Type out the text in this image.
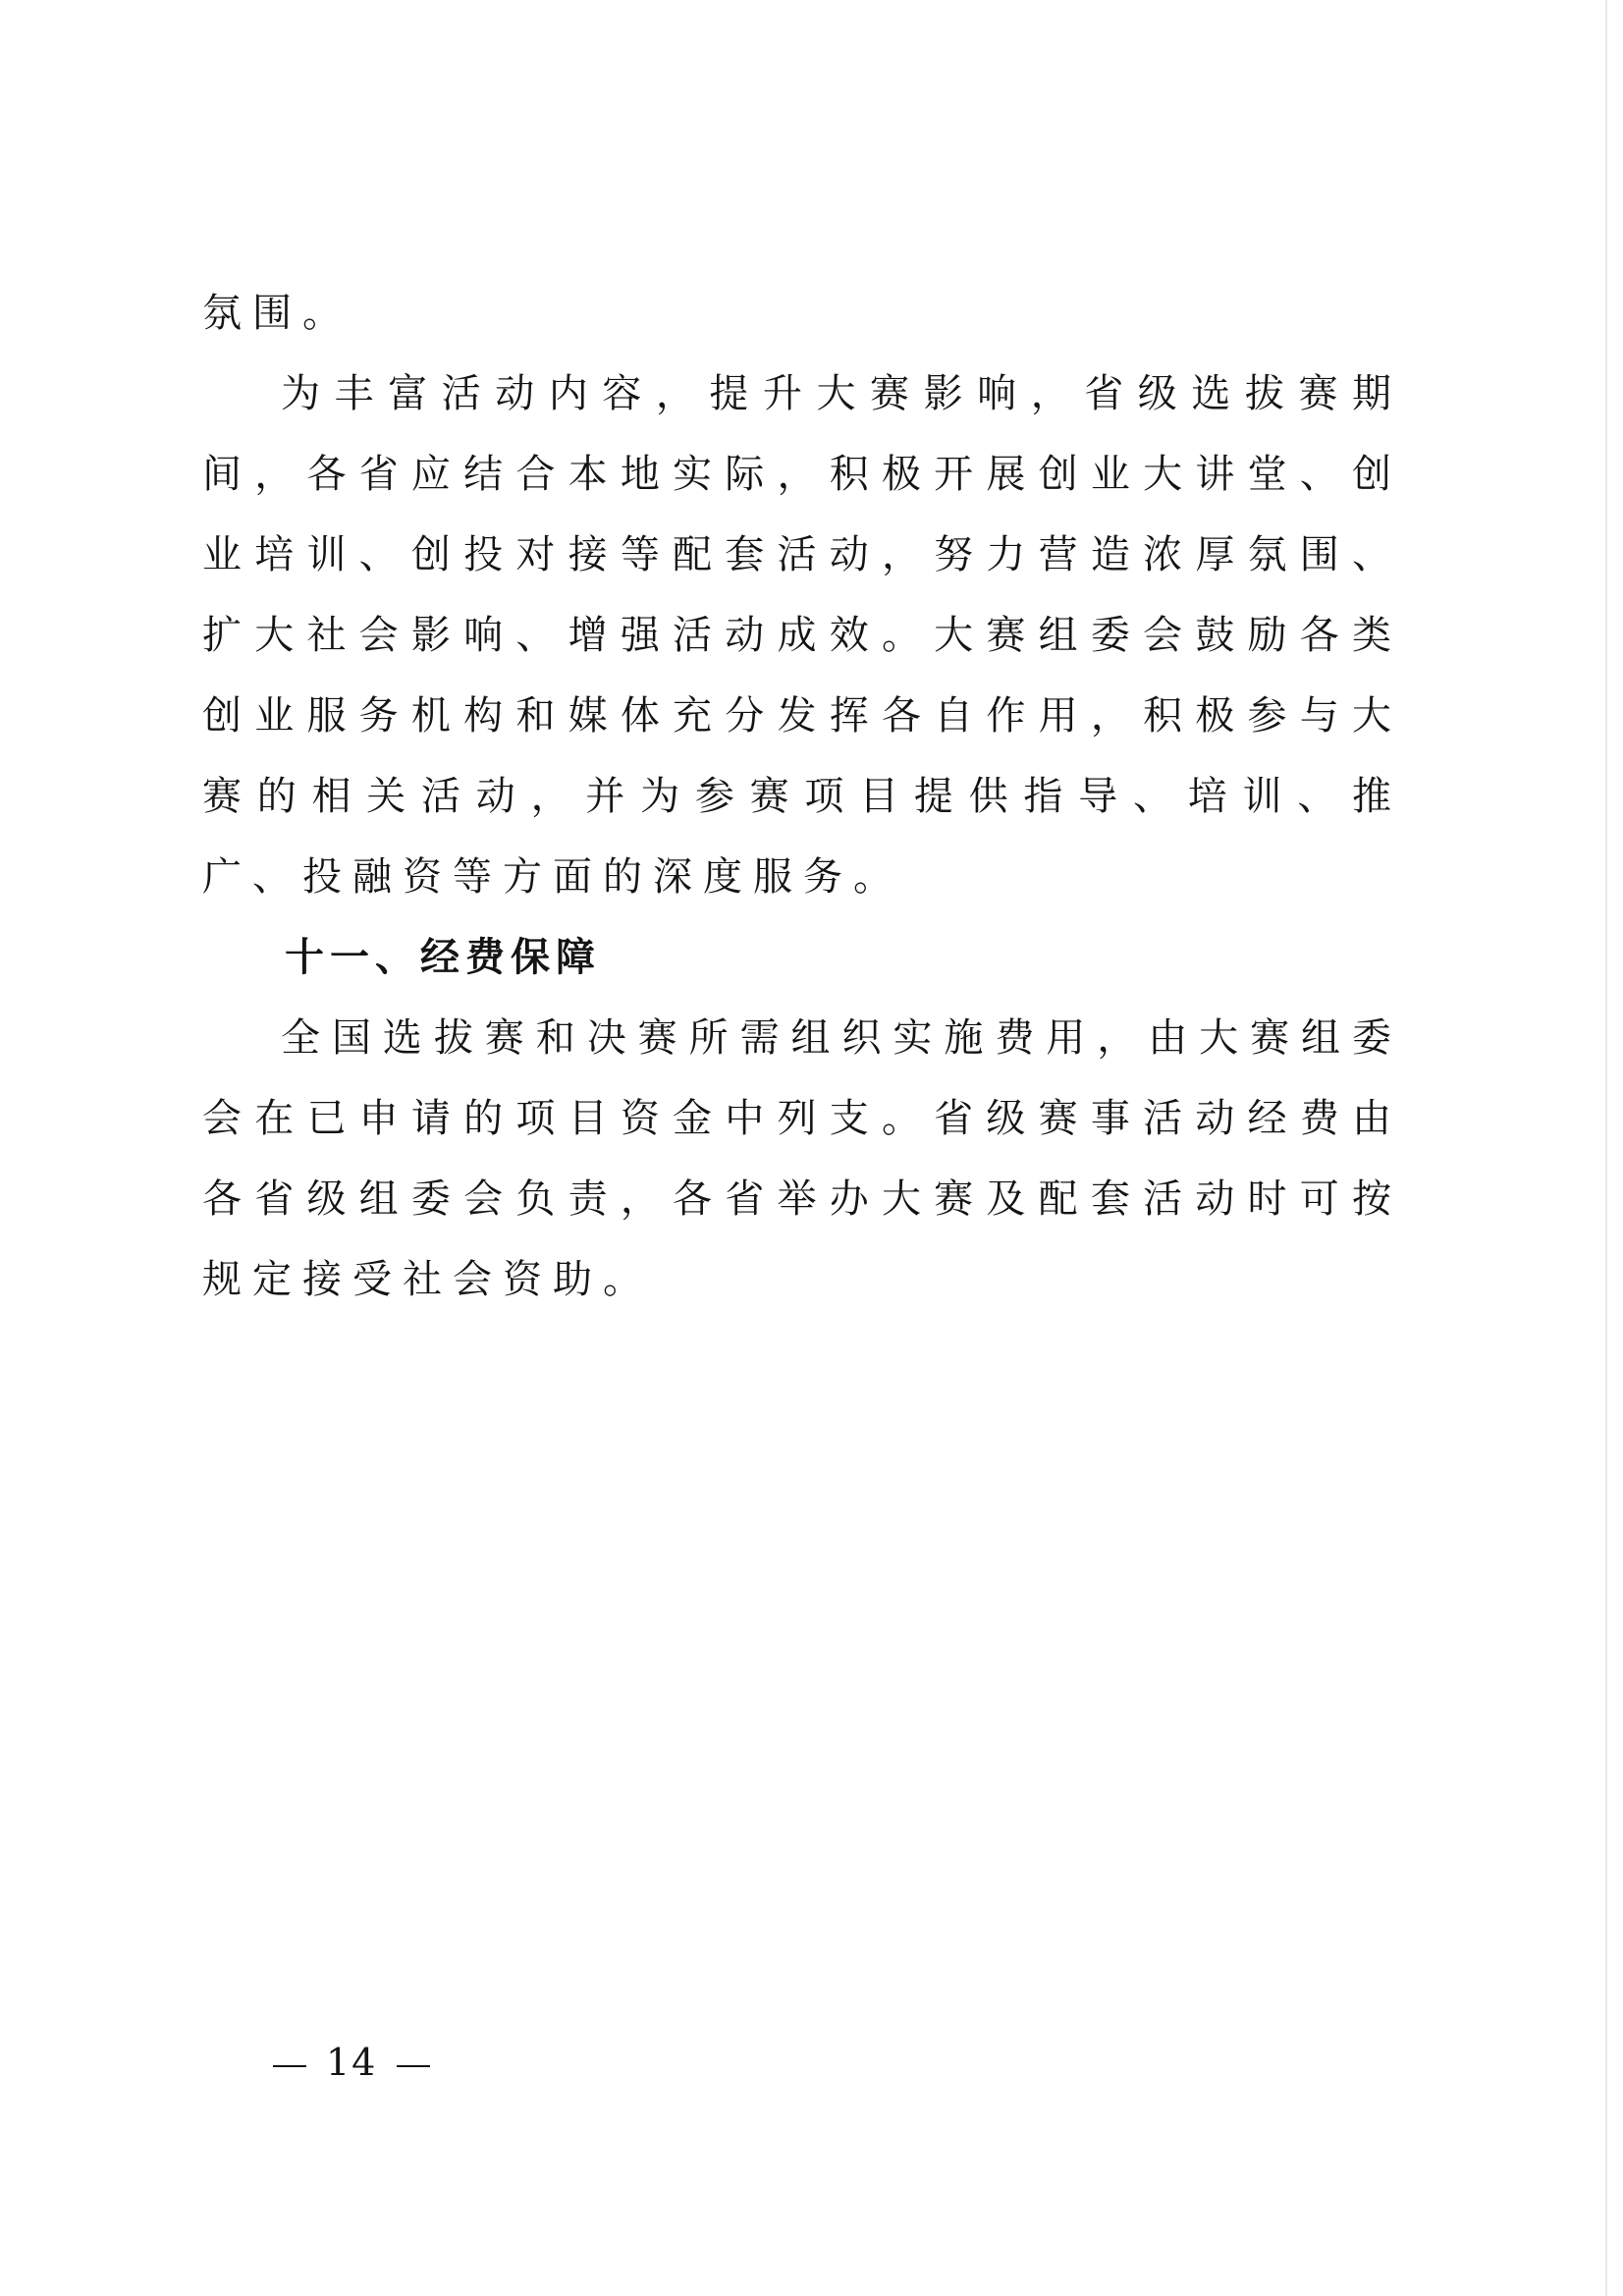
氛围。

为丰富活动内容，提升大赛影响，省级选拔赛期间，各省应结合本地实际，积极开展创业大讲堂、创业培训、创投对接等配套活动，努力营造浓厚氛围、扩大社会影响、增强活动成效。大赛组委会鼓励各类创业服务机构和媒体充分发挥各自作用，积极参与大赛的相关活动，并为参赛项目提供指导、培训、推广、投融资等方面的深度服务。

十一、经费保障

全国选拔赛和决赛所需组织实施费用，由大赛组委会在已申请的项目资金中列支。省级赛事活动经费由各省级组委会负责，各省举办大赛及配套活动时可按规定接受社会资助。

14
